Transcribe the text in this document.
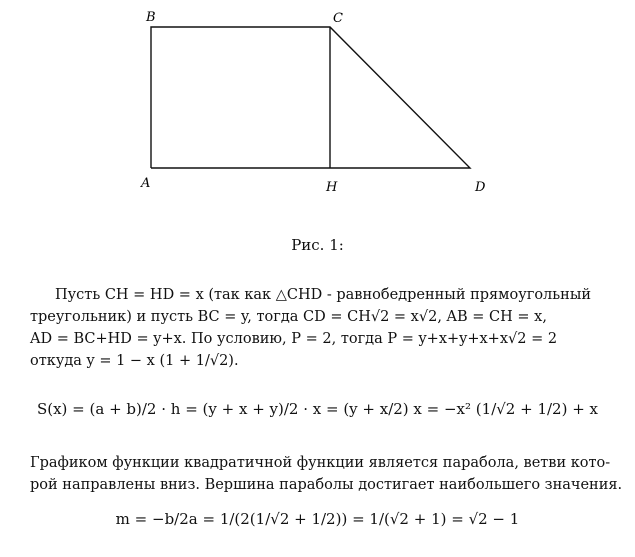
B	C
A	H	D
Рис. 1:
Пусть CH = HD = x (так как △CHD - равнобедренный прямоугольный
треугольник) и пусть BC = y, тогда CD = CH√2 = x√2, AB = CH = x,
AD = BC+HD = y+x. По условию, P = 2, тогда P = y+x+y+x+x√2 = 2
откуда y = 1 − x (1 + 1/√2).
S(x) = (a + b)/2 · h = (y + x + y)/2 · x = (y + x/2) x = −x² (1/√2 + 1/2) + x
Графиком функции квадратичной функции является парабола, ветви кото-
рой направлены вниз. Вершина параболы достигает наибольшего значения.
m = −b/2a = 1/(2(1/√2 + 1/2)) = 1/(√2 + 1) = √2 − 1
